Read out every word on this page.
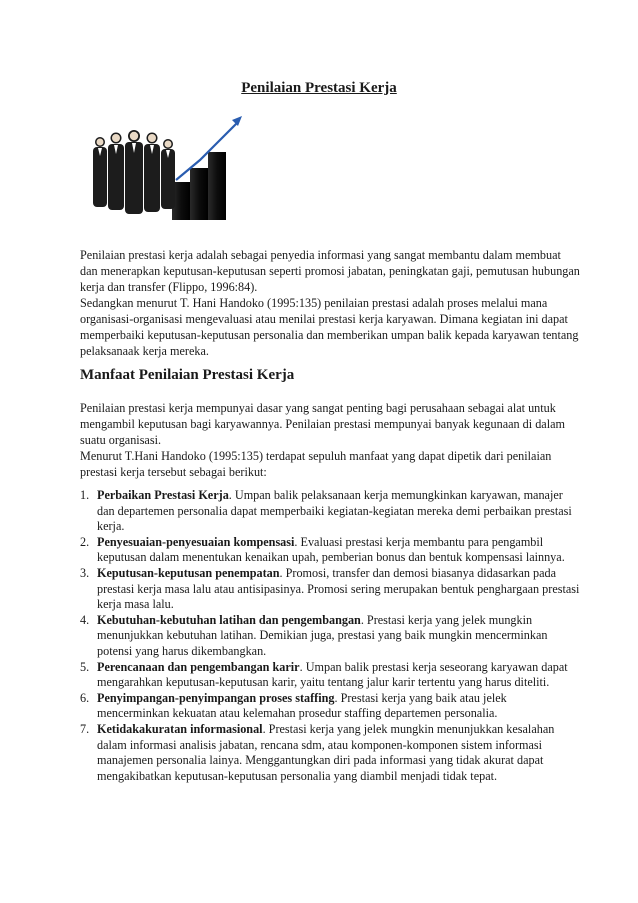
Penilaian Prestasi Kerja

Penilaian prestasi kerja adalah sebagai penyedia informasi yang sangat membantu dalam membuat dan menerapkan keputusan-keputusan seperti promosi jabatan, peningkatan gaji, pemutusan hubungan kerja dan transfer (Flippo, 1996:84).

Sedangkan menurut T. Hani Handoko (1995:135) penilaian prestasi adalah proses melalui mana organisasi-organisasi mengevaluasi atau menilai prestasi kerja karyawan. Dimana kegiatan ini dapat memperbaiki keputusan-keputusan personalia dan memberikan umpan balik kepada karyawan tentang pelaksanaak kerja mereka.

Manfaat Penilaian Prestasi Kerja

Penilaian prestasi kerja mempunyai dasar yang sangat penting bagi perusahaan sebagai alat untuk mengambil keputusan bagi karyawannya. Penilaian prestasi mempunyai banyak kegunaan di dalam suatu organisasi.

Menurut T.Hani Handoko (1995:135) terdapat sepuluh manfaat yang dapat dipetik dari penilaian prestasi kerja tersebut sebagai berikut:

1. Perbaikan Prestasi Kerja. Umpan balik pelaksanaan kerja memungkinkan karyawan, manajer dan departemen personalia dapat memperbaiki kegiatan-kegiatan mereka demi perbaikan prestasi kerja.
2. Penyesuaian-penyesuaian kompensasi. Evaluasi prestasi kerja membantu para pengambil keputusan dalam menentukan kenaikan upah, pemberian bonus dan bentuk kompensasi lainnya.
3. Keputusan-keputusan penempatan. Promosi, transfer dan demosi biasanya didasarkan pada prestasi kerja masa lalu atau antisipasinya. Promosi sering merupakan bentuk penghargaan prestasi kerja masa lalu.
4. Kebutuhan-kebutuhan latihan dan pengembangan. Prestasi kerja yang jelek mungkin menunjukkan kebutuhan latihan. Demikian juga, prestasi yang baik mungkin mencerminkan potensi yang harus dikembangkan.
5. Perencanaan dan pengembangan karir. Umpan balik prestasi kerja seseorang karyawan dapat mengarahkan keputusan-keputusan karir, yaitu tentang jalur karir tertentu yang harus diteliti.
6. Penyimpangan-penyimpangan proses staffing. Prestasi kerja yang baik atau jelek mencerminkan kekuatan atau kelemahan prosedur staffing departemen personalia.
7. Ketidakakuratan informasional. Prestasi kerja yang jelek mungkin menunjukkan kesalahan dalam informasi analisis jabatan, rencana sdm, atau komponen-komponen sistem informasi manajemen personalia lainya. Menggantungkan diri pada informasi yang tidak akurat dapat mengakibatkan keputusan-keputusan personalia yang diambil menjadi tidak tepat.
